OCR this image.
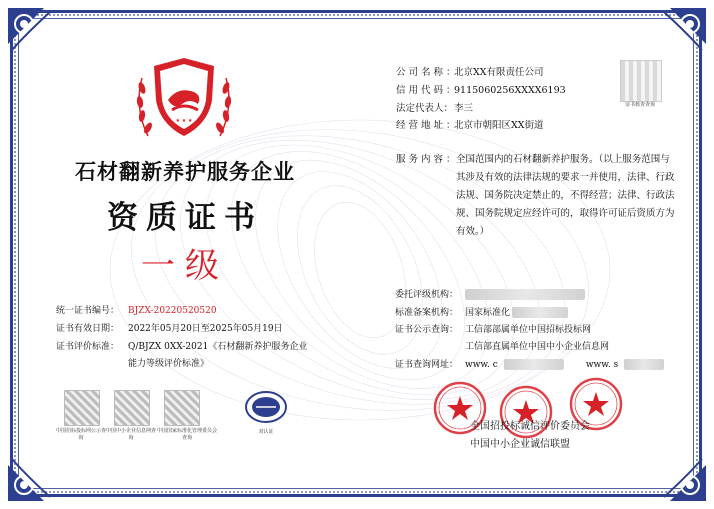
★ ★ ★
石材翻新养护服务企业
资质证书
一级
公司名称：北京XX有限责任公司
信用代码：9115060256XXXX6193
法定代表人：李三
经营地址：北京市朝阳区XX街道
服务内容：
全国范围内的石材翻新养护服务。（以上服务范围与其涉及有效的法律法规的要求一并使用，法律、行政法规、国务院决定禁止的，不得经营；法律、行政法规、国务院规定应经许可的，取得许可证后资质方为有效。）
证书核查查询
统一证书编号： BJZX-20220520520
证书有效日期： 2022年05月20日至2025年05月19日
证书评价标准： Q/BJZX 0XX-2021《石材翻新养护服务企业
能力等级评价标准》
委托评级机构：
标准备案机构： 国家标准化
证书公示查询： 工信部部属单位中国招标投标网
工信部直属单位中国中小企业信息网
证书查询网址： www. c	www. s
中国招标投标网公示查询
中国中小企业信息网查询
中国国家标准化管理委员会查询
双认证	全国招投标诚信评价委员会
中国中小企业诚信联盟
